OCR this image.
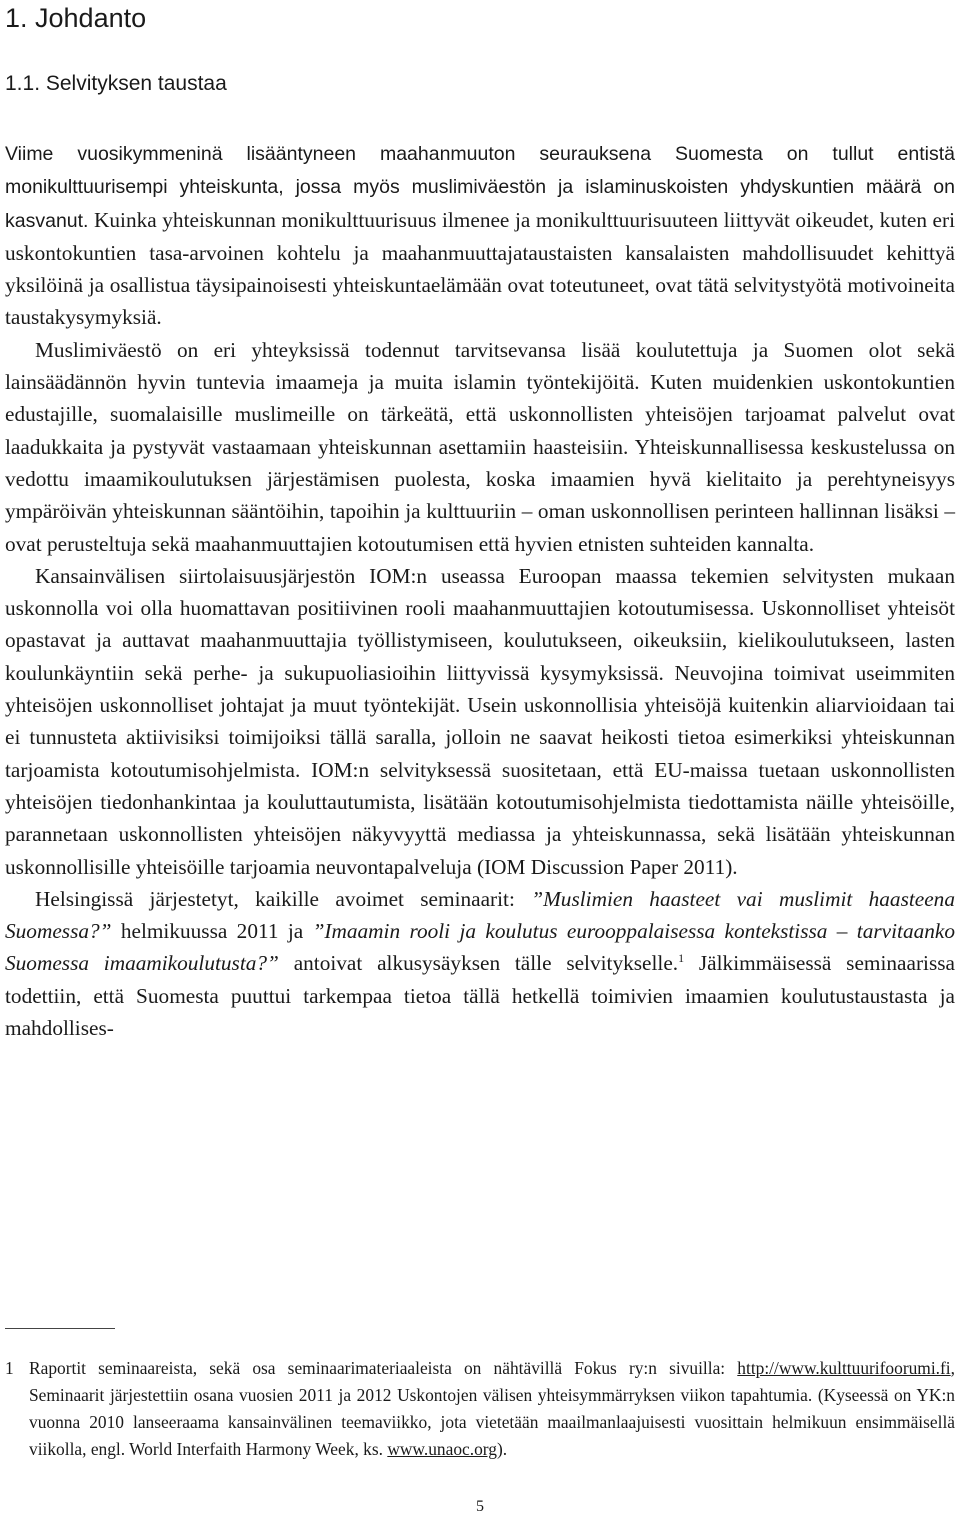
1. Johdanto
1.1. Selvityksen taustaa

Viime vuosikymmeninä lisääntyneen maahanmuuton seurauksena Suomesta on tullut entistä monikulttuurisempi yhteiskunta, jossa myös muslimiväestön ja islaminuskoisten yhdyskuntien määrä on kasvanut. Kuinka yhteiskunnan monikulttuurisuus ilmenee ja monikulttuurisuuteen liittyvät oikeudet, kuten eri uskontokuntien tasa-arvoinen kohtelu ja maahanmuuttajataustaisten kansalaisten mahdollisuudet kehittyä yksilöinä ja osallistua täysipainoisesti yhteiskuntaelämään ovat toteutuneet, ovat tätä selvitystyötä motivoineita taustakysymyksiä.

Muslimiväestö on eri yhteyksissä todennut tarvitsevansa lisää koulutettuja ja Suomen olot sekä lainsäädännön hyvin tuntevia imaameja ja muita islamin työntekijöitä. Kuten muidenkien uskontokuntien edustajille, suomalaisille muslimeille on tärkeätä, että uskonnollisten yhteisöjen tarjoamat palvelut ovat laadukkaita ja pystyvät vastaamaan yhteiskunnan asettamiin haasteisiin. Yhteiskunnallisessa keskustelussa on vedottu imaamikoulutuksen järjestämisen puolesta, koska imaamien hyvä kielitaito ja perehtyneisyys ympäröivän yhteiskunnan sääntöihin, tapoihin ja kulttuuriin – oman uskonnollisen perinteen hallinnan lisäksi – ovat perusteltuja sekä maahanmuuttajien kotoutumisen että hyvien etnisten suhteiden kannalta.

Kansainvälisen siirtolaisuusjärjestön IOM:n useassa Euroopan maassa tekemien selvitysten mukaan uskonnolla voi olla huomattavan positiivinen rooli maahanmuuttajien kotoutumisessa. Uskonnolliset yhteisöt opastavat ja auttavat maahanmuuttajia työllistymiseen, koulutukseen, oikeuksiin, kielikoulutukseen, lasten koulunkäyntiin sekä perhe- ja sukupuoliasioihin liittyvissä kysymyksissä. Neuvojina toimivat useimmiten yhteisöjen uskonnolliset johtajat ja muut työntekijät. Usein uskonnollisia yhteisöjä kuitenkin aliarvioidaan tai ei tunnusteta aktiivisiksi toimijoiksi tällä saralla, jolloin ne saavat heikosti tietoa esimerkiksi yhteiskunnan tarjoamista kotoutumisohjelmista. IOM:n selvityksessä suositetaan, että EU-maissa tuetaan uskonnollisten yhteisöjen tiedonhankintaa ja kouluttautumista, lisätään kotoutumisohjelmista tiedottamista näille yhteisöille, parannetaan uskonnollisten yhteisöjen näkyvyyttä mediassa ja yhteiskunnassa, sekä lisätään yhteiskunnan uskonnollisille yhteisöille tarjoamia neuvontapalveluja (IOM Discussion Paper 2011).

Helsingissä järjestetyt, kaikille avoimet seminaarit: ”Muslimien haasteet vai muslimit haasteena Suomessa?” helmikuussa 2011 ja ”Imaamin rooli ja koulutus eurooppalaisessa kontekstissa – tarvitaanko Suomessa imaamikoulutusta?” antoivat alkusysäyksen tälle selvitykselle.$^1$ Jälkimmäisessä seminaarissa todettiin, että Suomesta puuttui tarkempaa tietoa tällä hetkellä toimivien imaamien koulutustaustasta ja mahdollises-

1 Raportit seminaareista, sekä osa seminaarimateriaaleista on nähtävillä Fokus ry:n sivuilla: http://www.kulttuurifoorumi.fi, Seminaarit järjestettiin osana vuosien 2011 ja 2012 Uskontojen välisen yhteisymmärryksen viikon tapahtumia. (Kyseessä on YK:n vuonna 2010 lanseeraama kansainvälinen teemaviikko, jota vietetään maailmanlaajuisesti vuosittain helmikuun ensimmäisellä viikolla, engl. World Interfaith Harmony Week, ks. www.unaoc.org).
5
